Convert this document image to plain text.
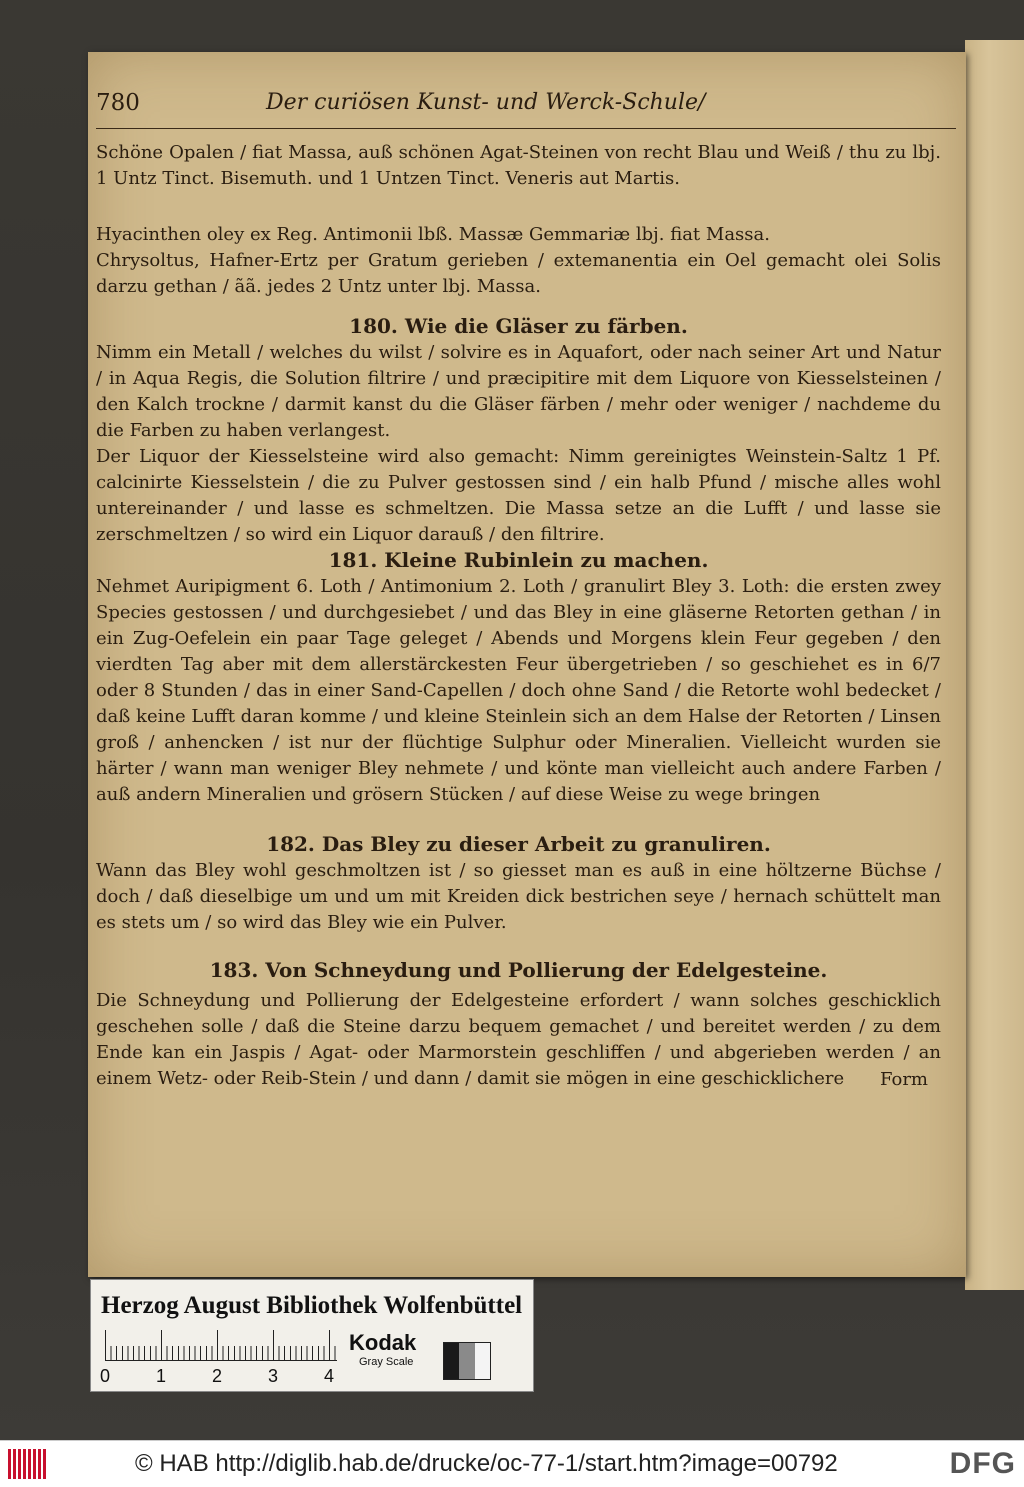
780	Der curiösen Kunst- und Werck-Schule/
Schöne Opalen / fiat Massa, auß schönen Agat-Steinen von recht Blau und Weiß / thu zu lbj. 1 Untz Tinct. Bisemuth. und 1 Untzen Tinct. Veneris aut Martis.
Hyacinthen oley ex Reg. Antimonii lbß. Massæ Gemmariæ lbj. fiat Massa.
Chrysoltus, Hafner-Ertz per Gratum gerieben / extemanentia ein Oel gemacht olei Solis darzu gethan / ãã. jedes 2 Untz unter lbj. Massa.
180. Wie die Gläser zu färben.
Nimm ein Metall / welches du wilst / solvire es in Aquafort, oder nach seiner Art und Natur / in Aqua Regis, die Solution filtrire / und præcipitire mit dem Liquore von Kiesselsteinen / den Kalch trockne / darmit kanst du die Gläser färben / mehr oder weniger / nachdeme du die Farben zu haben verlangest.
Der Liquor der Kiesselsteine wird also gemacht: Nimm gereinigtes Weinstein-Saltz 1 Pf. calcinirte Kiesselstein / die zu Pulver gestossen sind / ein halb Pfund / mische alles wohl untereinander / und lasse es schmeltzen. Die Massa setze an die Lufft / und lasse sie zerschmeltzen / so wird ein Liquor darauß / den filtrire.
181. Kleine Rubinlein zu machen.
Nehmet Auripigment 6. Loth / Antimonium 2. Loth / granulirt Bley 3. Loth: die ersten zwey Species gestossen / und durchgesiebet / und das Bley in eine gläserne Retorten gethan / in ein Zug-Oefelein ein paar Tage geleget / Abends und Morgens klein Feur gegeben / den vierdten Tag aber mit dem allerstärckesten Feur übergetrieben / so geschiehet es in 6/7 oder 8 Stunden / das in einer Sand-Capellen / doch ohne Sand / die Retorte wohl bedecket / daß keine Lufft daran komme / und kleine Steinlein sich an dem Halse der Retorten / Linsen groß / anhencken / ist nur der flüchtige Sulphur oder Mineralien. Vielleicht wurden sie härter / wann man weniger Bley nehmete / und könte man vielleicht auch andere Farben / auß andern Mineralien und grösern Stücken / auf diese Weise zu wege bringen
182. Das Bley zu dieser Arbeit zu granuliren.
Wann das Bley wohl geschmoltzen ist / so giesset man es auß in eine höltzerne Büchse / doch / daß dieselbige um und um mit Kreiden dick bestrichen seye / hernach schüttelt man es stets um / so wird das Bley wie ein Pulver.
183. Von Schneydung und Pollierung der Edelgesteine.
Die Schneydung und Pollierung der Edelgesteine erfordert / wann solches geschicklich geschehen solle / daß die Steine darzu bequem gemachet / und bereitet werden / zu dem Ende kan ein Jaspis / Agat- oder Marmorstein geschliffen / und abgerieben werden / an einem Wetz- oder Reib-Stein / und dann / damit sie mögen in eine geschicklichere	Form
Herzog August Bibliothek Wolfenbüttel
0	1	2	3	4
Kodak
Gray Scale
© HAB http://diglib.hab.de/drucke/oc-77-1/start.htm?image=00792	DFG
